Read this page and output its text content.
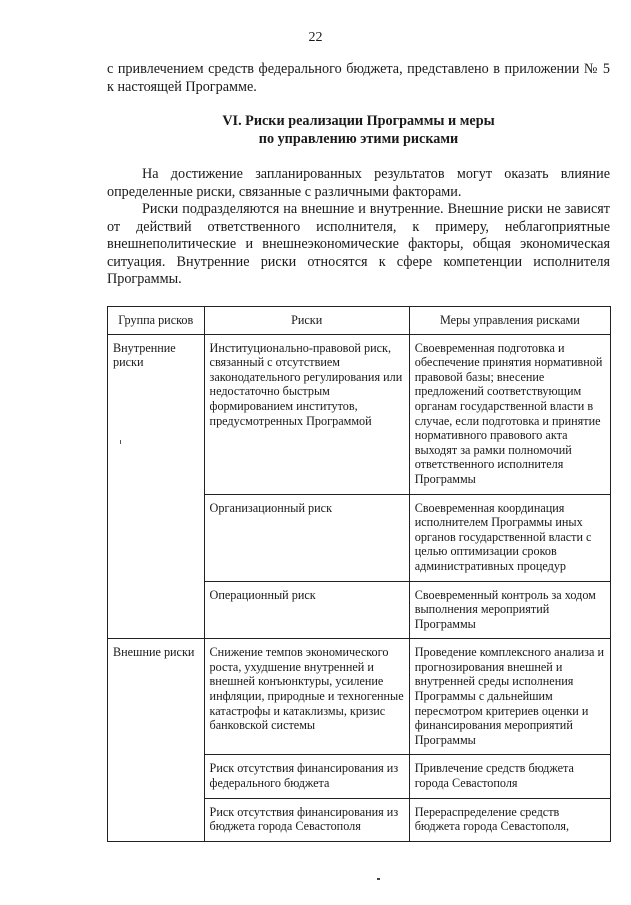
22
с привлечением средств федерального бюджета, представлено в приложении № 5 к настоящей Программе.
VI. Риски реализации Программы и меры
по управлению этими рисками
На достижение запланированных результатов могут оказать влияние определенные риски, связанные с различными факторами.
Риски подразделяются на внешние и внутренние. Внешние риски не зависят от действий ответственного исполнителя, к примеру, неблагоприятные внешнеполитические и внешнеэкономические факторы, общая экономическая ситуация. Внутренние риски относятся к сфере компетенции исполнителя Программы.
Группа рисков	Риски	Меры управления рисками
Внутренние риски	Институционально-правовой риск, связанный с отсутствием законодательного регулирования или недостаточно быстрым формированием институтов, предусмотренных Программой	Своевременная подготовка и обеспечение принятия нормативной правовой базы; внесение предложений соответствующим органам государственной власти в случае, если подготовка и принятие нормативного правового акта выходят за рамки полномочий ответственного исполнителя Программы
	Организационный риск	Своевременная координация исполнителем Программы иных органов государственной власти с целью оптимизации сроков административных процедур
	Операционный риск	Своевременный контроль за ходом выполнения мероприятий Программы
Внешние риски	Снижение темпов экономического роста, ухудшение внутренней и внешней конъюнктуры, усиление инфляции, природные и техногенные катастрофы и катаклизмы, кризис банковской системы	Проведение комплексного анализа и прогнозирования внешней и внутренней среды исполнения Программы с дальнейшим пересмотром критериев оценки и финансирования мероприятий Программы
	Риск отсутствия финансирования из федерального бюджета	Привлечение средств бюджета города Севастополя
	Риск отсутствия финансирования из бюджета города Севастополя	Перераспределение средств бюджета города Севастополя,
